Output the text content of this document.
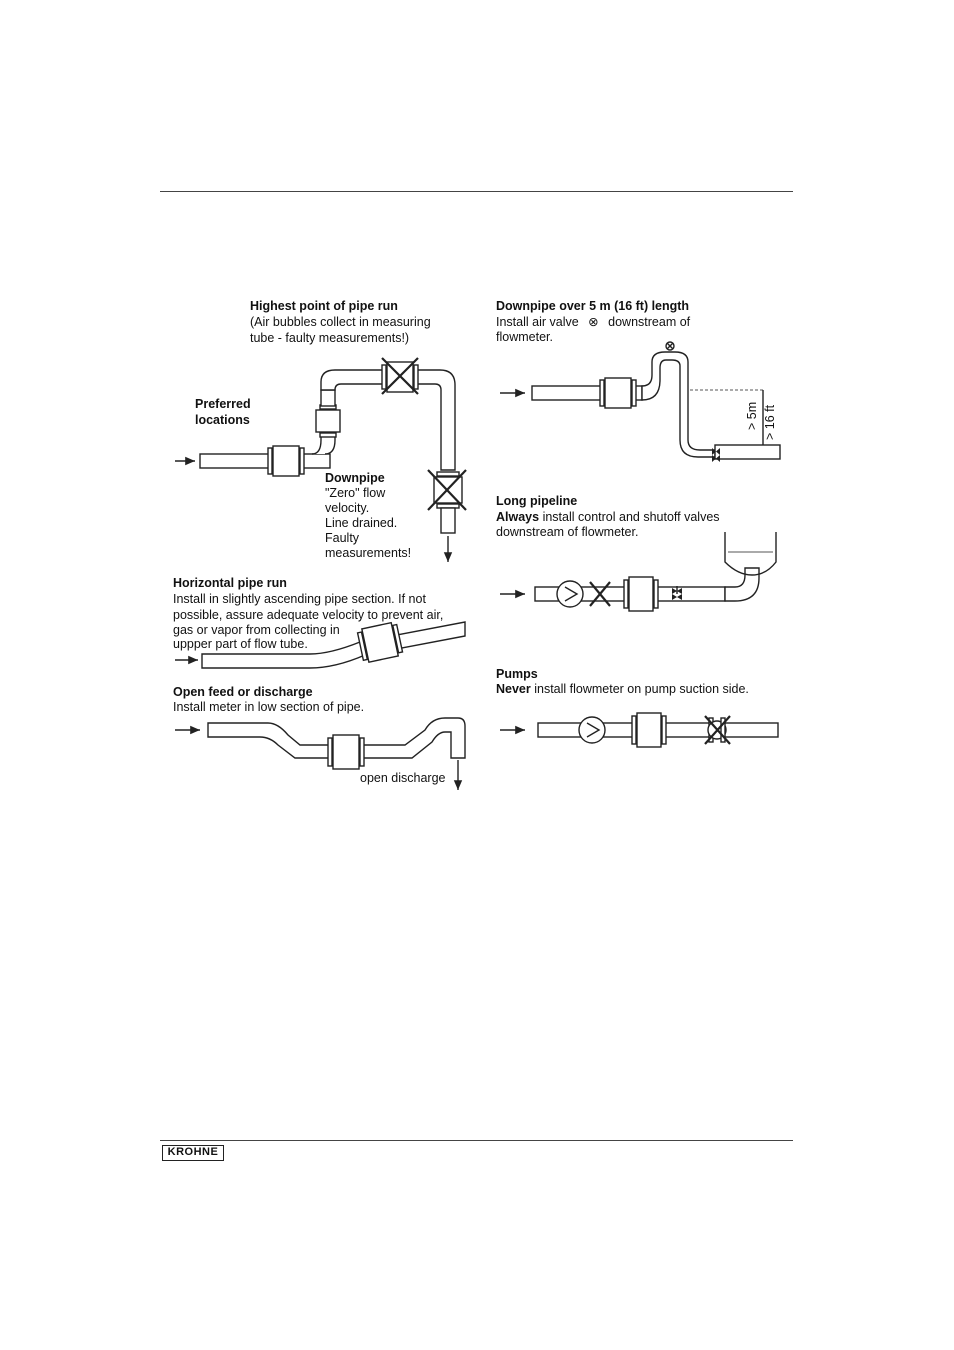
Highest point of pipe run
(Air bubbles collect in measuring
tube - faulty measurements!)
Preferred
locations
Downpipe
"Zero" flow
velocity.
Line drained.
Faulty
measurements!
Horizontal pipe run
Install in slightly ascending pipe section. If not
possible, assure adequate velocity to prevent air,
gas or vapor from collecting in
uppper part of flow tube.
Open feed or discharge
Install meter in low section of pipe.
open discharge
Downpipe over 5 m (16 ft) length
Install air valve ⊗ downstream of
flowmeter.
> 5m > 16 ft
Long pipeline
Always install control and shutoff valves
downstream of flowmeter.
Pumps
Never install flowmeter on pump suction side.
KROHNE
